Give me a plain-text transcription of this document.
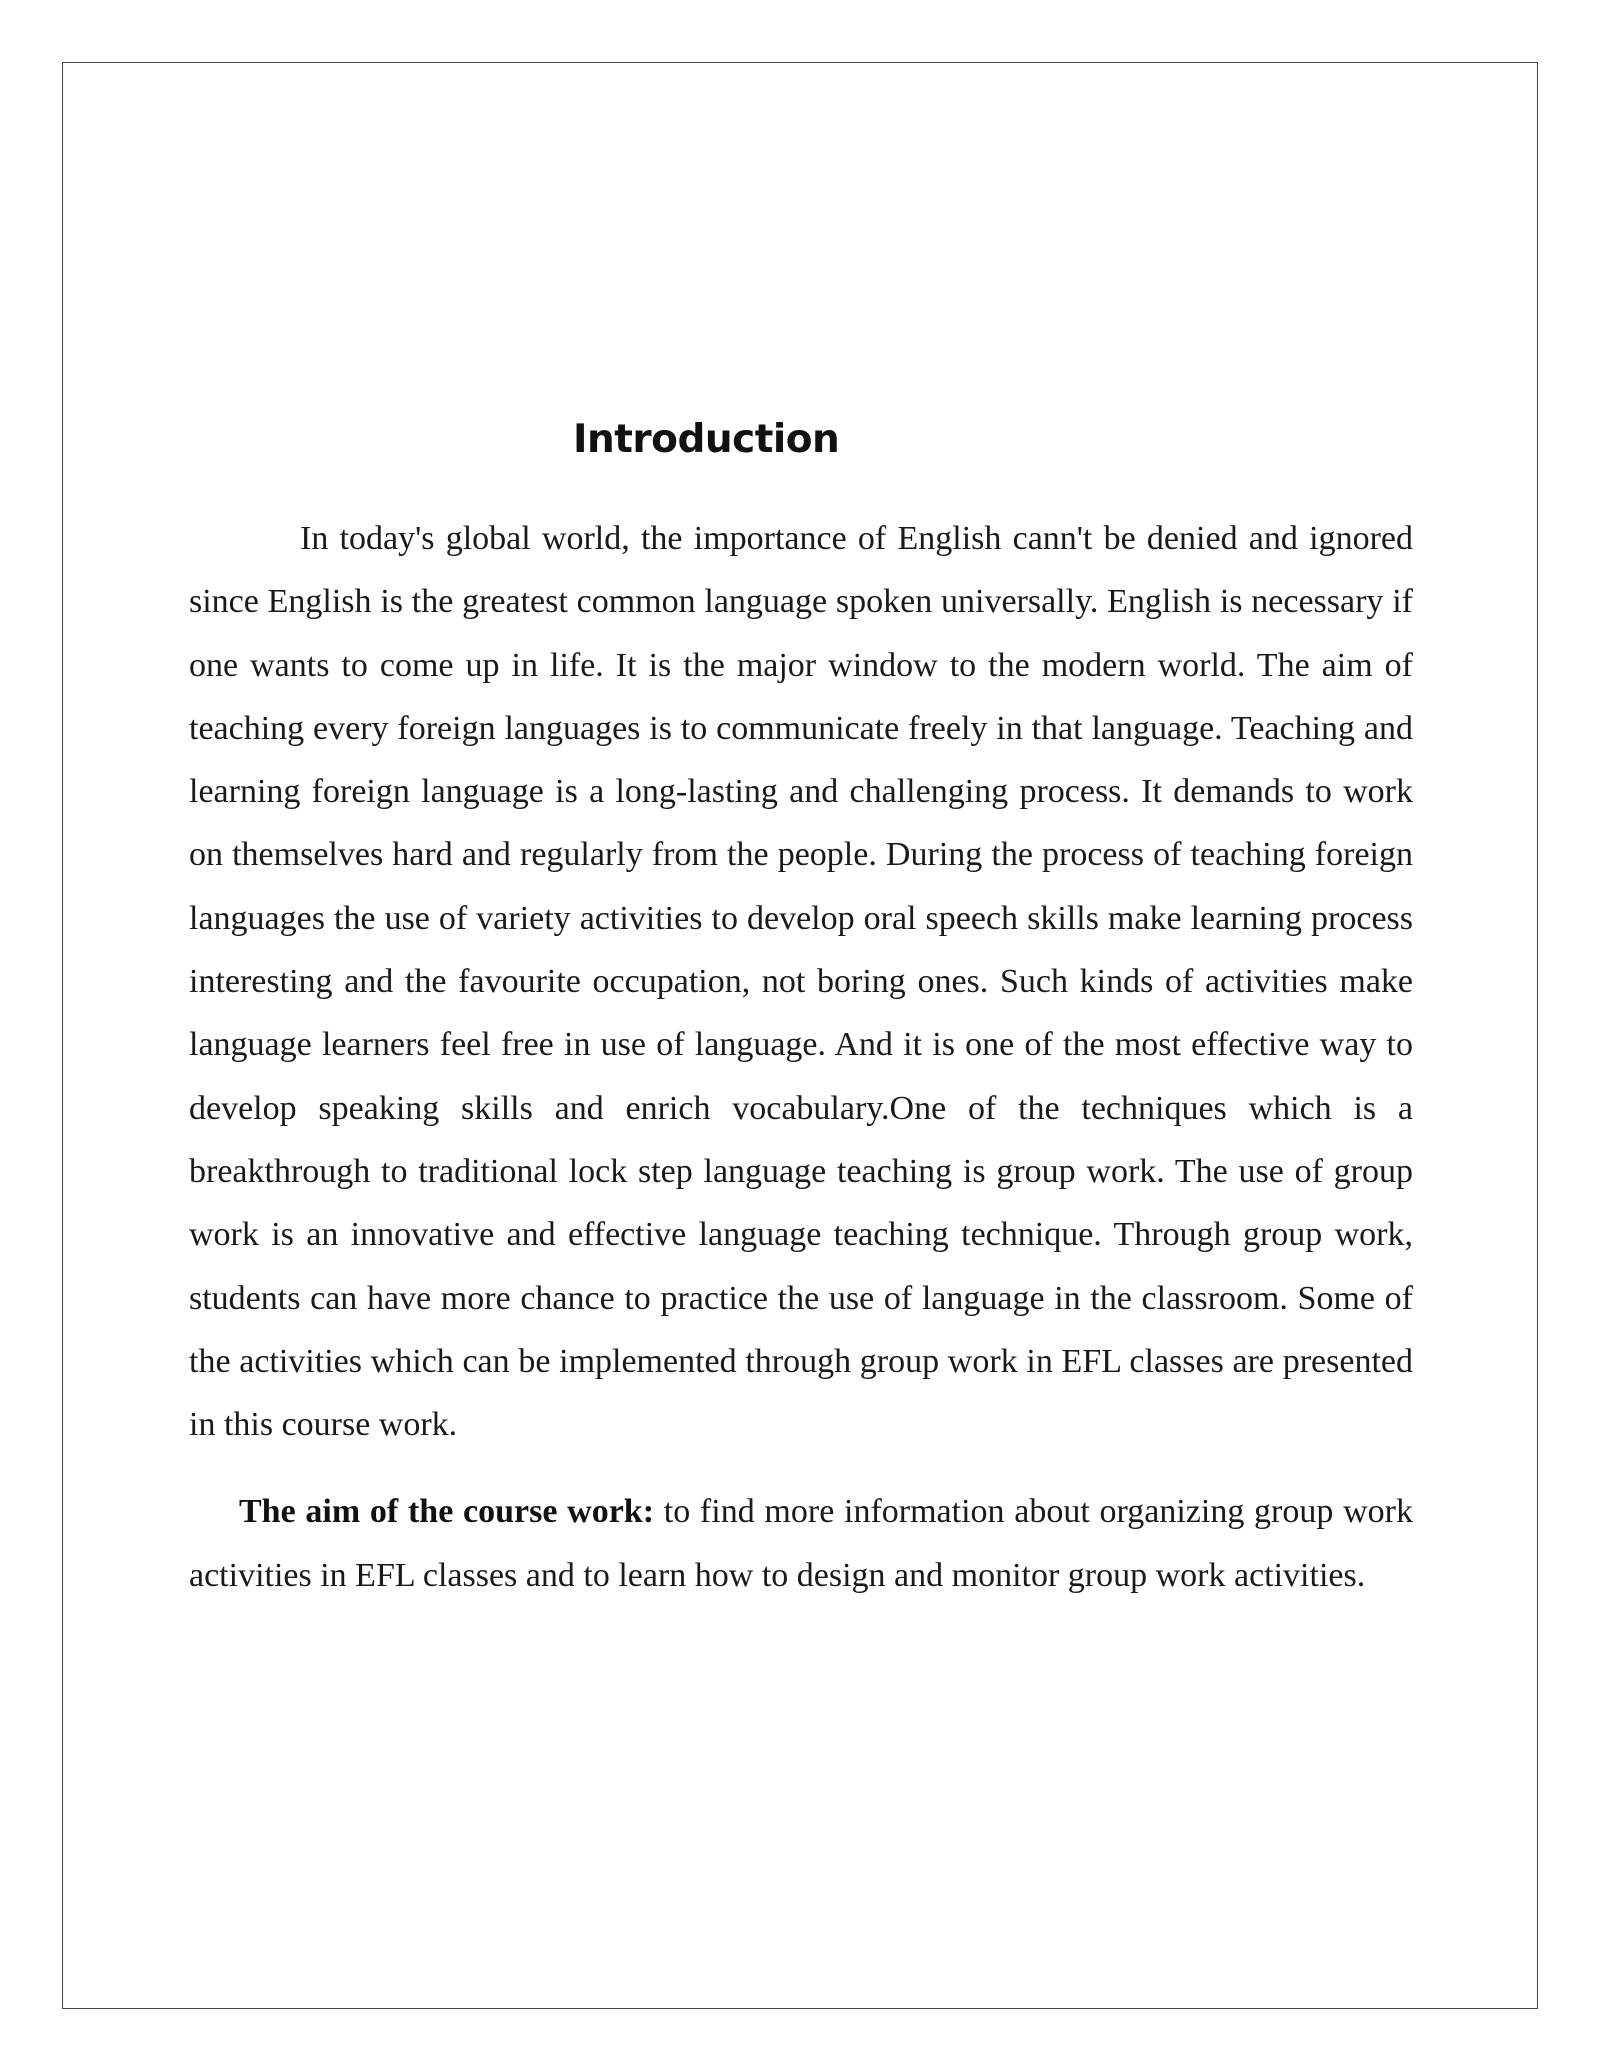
Introduction

In today's global world, the importance of English cann't be denied and ignored since English is the greatest common language spoken universally. English is necessary if one wants to come up in life. It is the major window to the modern world. The aim of teaching every foreign languages is to communicate freely in that language. Teaching and learning foreign language is a long-lasting and challenging process. It demands to work on themselves hard and regularly from the people. During the process of teaching foreign languages the use of variety activities to develop oral speech skills make learning process interesting and the favourite occupation, not boring ones. Such kinds of activities make language learners feel free in use of language. And it is one of the most effective way to develop speaking skills and enrich vocabulary.One of the techniques which is a breakthrough to traditional lock step language teaching is group work. The use of group work is an innovative and effective language teaching technique. Through group work, students can have more chance to practice the use of language in the classroom. Some of the activities which can be implemented through group work in EFL classes are presented in this course work.

The aim of the course work: to find more information about organizing group work activities in EFL classes and to learn how to design and monitor group work activities.
